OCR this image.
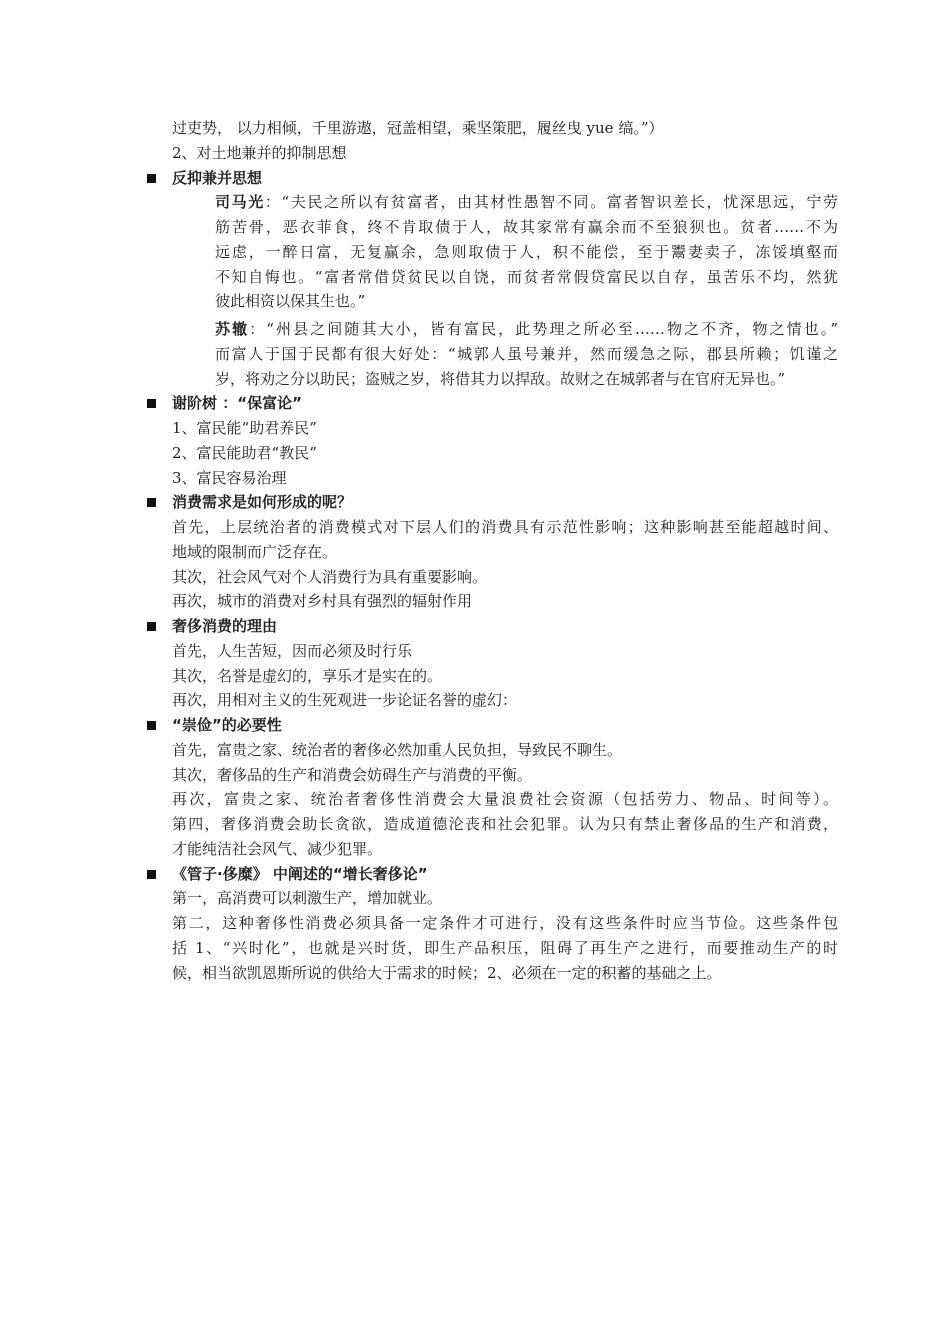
过吏势， 以力相倾，千里游遨，冠盖相望，乘坚策肥，履丝曳 yue 缟。”）
2、对土地兼并的抑制思想
反抑兼并思想
司马光：“夫民之所以有贫富者，由其材性愚智不同。富者智识差长，忧深思远，宁劳
筋苦骨，恶衣菲食，终不肯取债于人，故其家常有赢余而不至狼狈也。贫者……不为
远虑，一醉日富，无复赢余，急则取债于人，积不能偿，至于鬻妻卖子，冻馁填壑而
不知自悔也。“富者常借贷贫民以自饶，而贫者常假贷富民以自存，虽苦乐不均，然犹
彼此相资以保其生也。”
苏辙：“州县之间随其大小，皆有富民，此势理之所必至……物之不齐，物之情也。”
而富人于国于民都有很大好处：“城郭人虽号兼并，然而缓急之际，郡县所赖；饥谨之
岁，将劝之分以助民；盗贼之岁，将借其力以捍敌。故财之在城郭者与在官府无异也。”
谢阶树 ：“保富论”
1、富民能“助君养民”
2、富民能助君“教民”
3、富民容易治理
消费需求是如何形成的呢？
首先，上层统治者的消费模式对下层人们的消费具有示范性影响；这种影响甚至能超越时间、
地域的限制而广泛存在。
其次，社会风气对个人消费行为具有重要影响。
再次，城市的消费对乡村具有强烈的辐射作用
奢侈消费的理由
首先，人生苦短，因而必须及时行乐
其次，名誉是虚幻的，享乐才是实在的。
再次，用相对主义的生死观进一步论证名誉的虚幻：
“崇俭”的必要性
首先，富贵之家、统治者的奢侈必然加重人民负担，导致民不聊生。
其次，奢侈品的生产和消费会妨碍生产与消费的平衡。
再次，富贵之家、统治者奢侈性消费会大量浪费社会资源（包括劳力、物品、时间等）。
第四，奢侈消费会助长贪欲，造成道德沦丧和社会犯罪。认为只有禁止奢侈品的生产和消费，
才能纯洁社会风气、减少犯罪。
《管子·侈糜》 中阐述的“增长奢侈论”
第一，高消费可以刺激生产，增加就业。
第二，这种奢侈性消费必须具备一定条件才可进行，没有这些条件时应当节俭。这些条件包
括 1、“兴时化”，也就是兴时货，即生产品积压，阻碍了再生产之进行，而要推动生产的时
候，相当欲凯恩斯所说的供给大于需求的时候；2、必须在一定的积蓄的基础之上。
